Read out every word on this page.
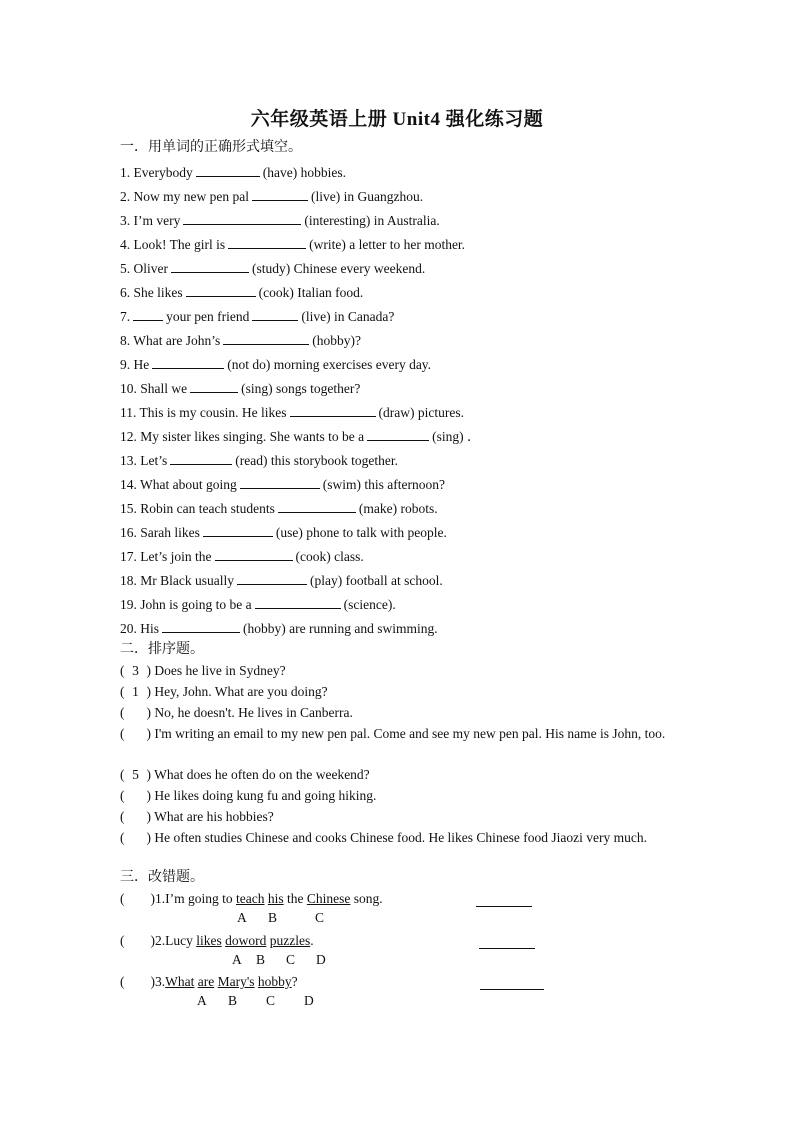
六年级英语上册 Unit4 强化练习题
一．用单词的正确形式填空。
1. Everybody	(have) hobbies.
2. Now my new pen pal	(live) in Guangzhou.
3. I’m very	(interesting) in Australia.
4. Look! The girl is	(write) a letter to her mother.
5. Oliver	(study) Chinese every weekend.
6. She likes	(cook) Italian food.
7.	your pen friend	(live) in Canada?
8. What are John’s	(hobby)?
9. He	(not do) morning exercises every day.
10. Shall we	(sing) songs together?
11. This is my cousin. He likes	(draw) pictures.
12. My sister likes singing. She wants to be a	(sing) ．
13. Let’s	(read) this storybook together.
14. What about going	(swim) this afternoon?
15. Robin can teach students	(make) robots.
16. Sarah likes	(use) phone to talk with people.
17. Let’s join the	(cook) class.
18. Mr Black usually	(play) football at school.
19. John is going to be a	(science).
20. His	(hobby) are running and swimming.
二．排序题。
( 3 ) Does he live in Sydney?
( 1 ) Hey, John. What are you doing?
( ) No, he doesn't. He lives in Canberra.
( ) I'm writing an email to my new pen pal. Come and see my new pen pal. His name is John, too.
( 5 ) What does he often do on the weekend?
( ) He likes doing kung fu and going hiking.
( ) What are his hobbies?
( ) He often studies Chinese and cooks Chinese food. He likes Chinese food Jiaozi very much.
三．改错题。
( )1.I’m going to teach his the Chinese song.
A B	C
( )2.Lucy likes doword puzzles.
A B C D
( )3.What are Mary's hobby?
A B C D
